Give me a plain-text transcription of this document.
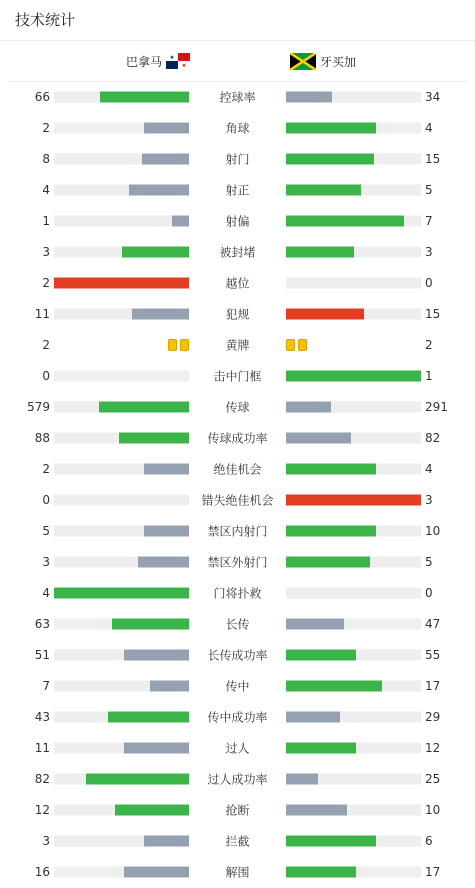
技术统计
巴拿马	牙买加
66	控球率	34
2	角球	4
8	射门	15
4	射正	5
1	射偏	7
3	被封堵	3
2	越位	0
11	犯规	15
2	黄牌	2
0	击中门框	1
579	传球	291
88	传球成功率	82
2	绝佳机会	4
0	错失绝佳机会	3
5	禁区内射门	10
3	禁区外射门	5
4	门将扑救	0
63	长传	47
51	长传成功率	55
7	传中	17
43	传中成功率	29
11	过人	12
82	过人成功率	25
12	抢断	10
3	拦截	6
16	解围	17
